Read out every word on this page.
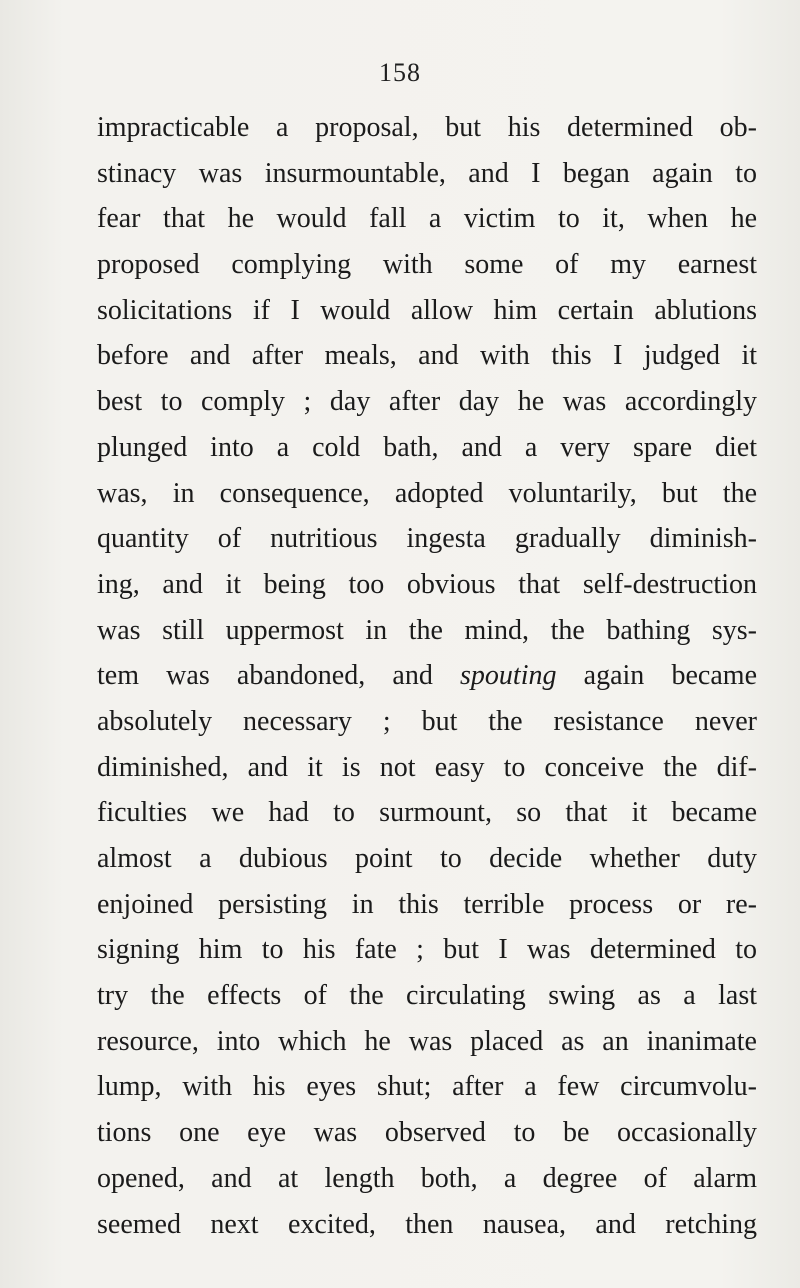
158
impracticable a proposal, but his determined ob-
stinacy was insurmountable, and I began again to
fear that he would fall a victim to it, when he
proposed complying with some of my earnest
solicitations if I would allow him certain ablutions
before and after meals, and with this I judged it
best to comply ; day after day he was accordingly
plunged into a cold bath, and a very spare diet
was, in consequence, adopted voluntarily, but the
quantity of nutritious ingesta gradually diminish-
ing, and it being too obvious that self-destruction
was still uppermost in the mind, the bathing sys-
tem was abandoned, and spouting again became
absolutely necessary ; but the resistance never
diminished, and it is not easy to conceive the dif-
ficulties we had to surmount, so that it became
almost a dubious point to decide whether duty
enjoined persisting in this terrible process or re-
signing him to his fate ; but I was determined to
try the effects of the circulating swing as a last
resource, into which he was placed as an inanimate
lump, with his eyes shut; after a few circumvolu-
tions one eye was observed to be occasionally
opened, and at length both, a degree of alarm
seemed next excited, then nausea, and retching
